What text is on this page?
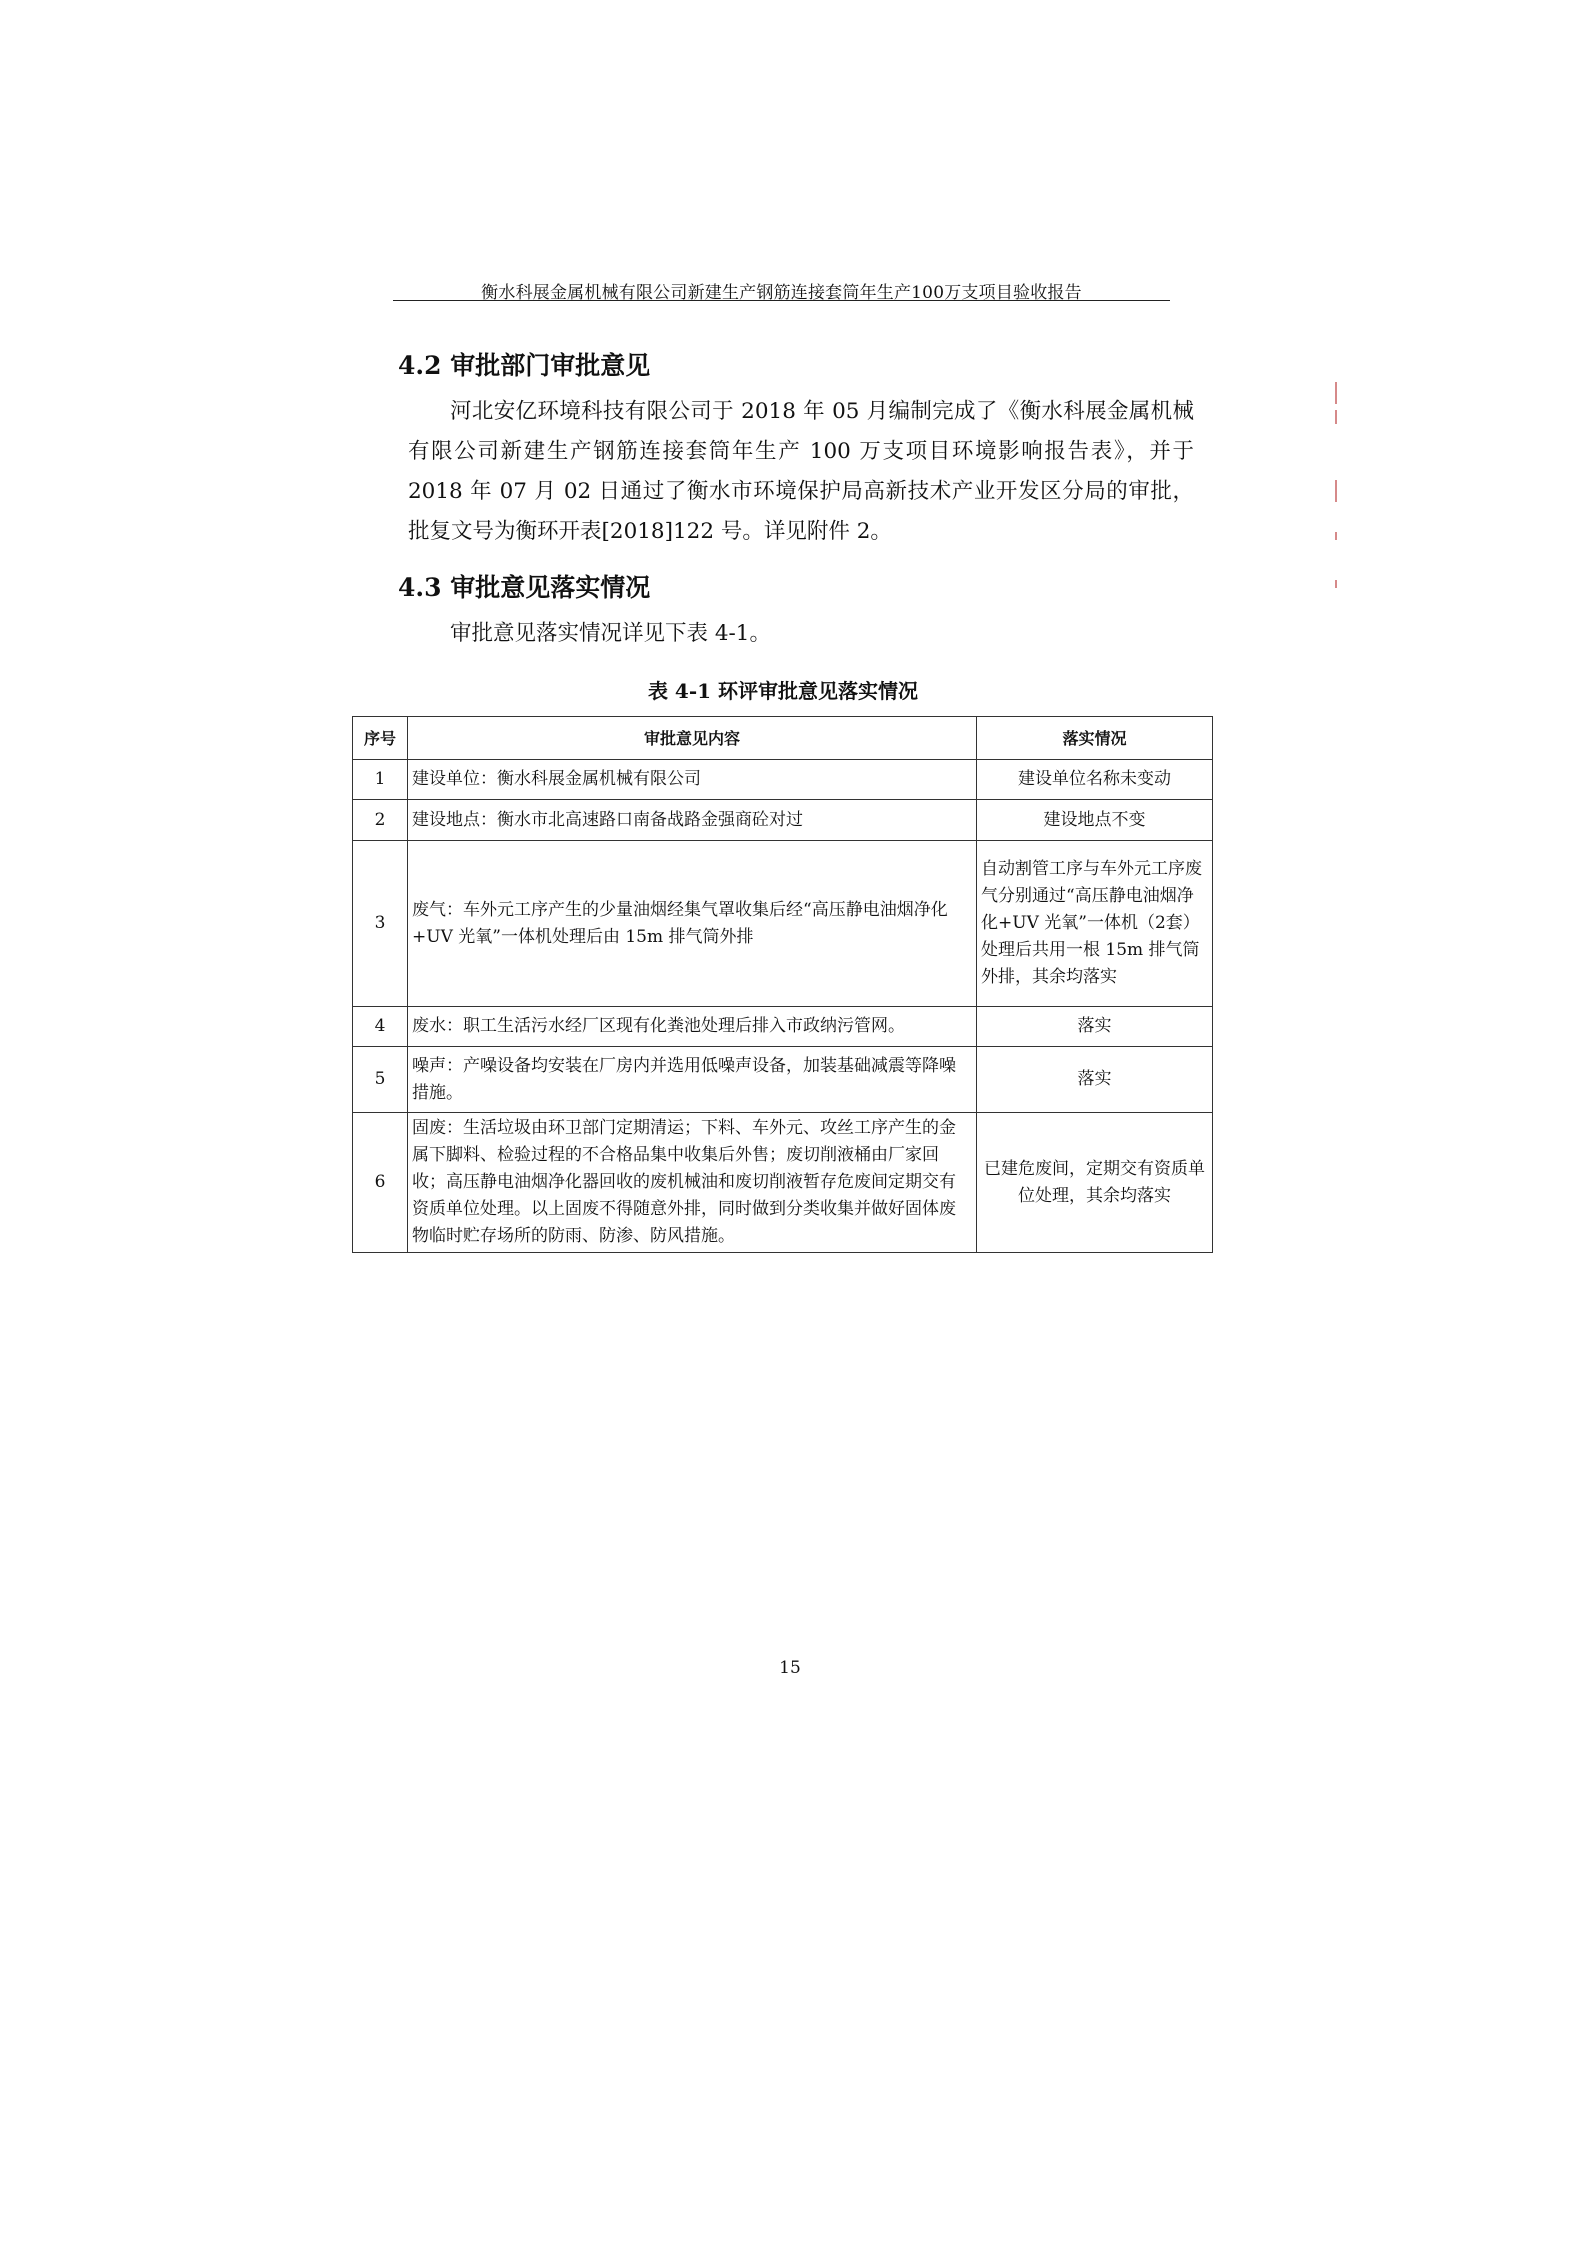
衡水科展金属机械有限公司新建生产钢筋连接套筒年生产100万支项目验收报告
4.2 审批部门审批意见
河北安亿环境科技有限公司于 2018 年 05 月编制完成了《衡水科展金属机械有限公司新建生产钢筋连接套筒年生产 100 万支项目环境影响报告表》，并于 2018 年 07 月 02 日通过了衡水市环境保护局高新技术产业开发区分局的审批，批复文号为衡环开表[2018]122 号。详见附件 2。
4.3 审批意见落实情况
审批意见落实情况详见下表 4-1。
表 4-1 环评审批意见落实情况
序号	审批意见内容	落实情况
1	建设单位：衡水科展金属机械有限公司	建设单位名称未变动
2	建设地点：衡水市北高速路口南备战路金强商砼对过	建设地点不变
3	废气：车外元工序产生的少量油烟经集气罩收集后经“高压静电油烟净化+UV 光氧”一体机处理后由 15m 排气筒外排	自动割管工序与车外元工序废气分别通过“高压静电油烟净化+UV 光氧”一体机（2套）处理后共用一根 15m 排气筒外排，其余均落实
4	废水：职工生活污水经厂区现有化粪池处理后排入市政纳污管网。	落实
5	噪声：产噪设备均安装在厂房内并选用低噪声设备，加装基础减震等降噪措施。	落实
6	固废：生活垃圾由环卫部门定期清运；下料、车外元、攻丝工序产生的金属下脚料、检验过程的不合格品集中收集后外售；废切削液桶由厂家回收；高压静电油烟净化器回收的废机械油和废切削液暂存危废间定期交有资质单位处理。以上固废不得随意外排，同时做到分类收集并做好固体废物临时贮存场所的防雨、防渗、防风措施。	已建危废间，定期交有资质单位处理，其余均落实
15
